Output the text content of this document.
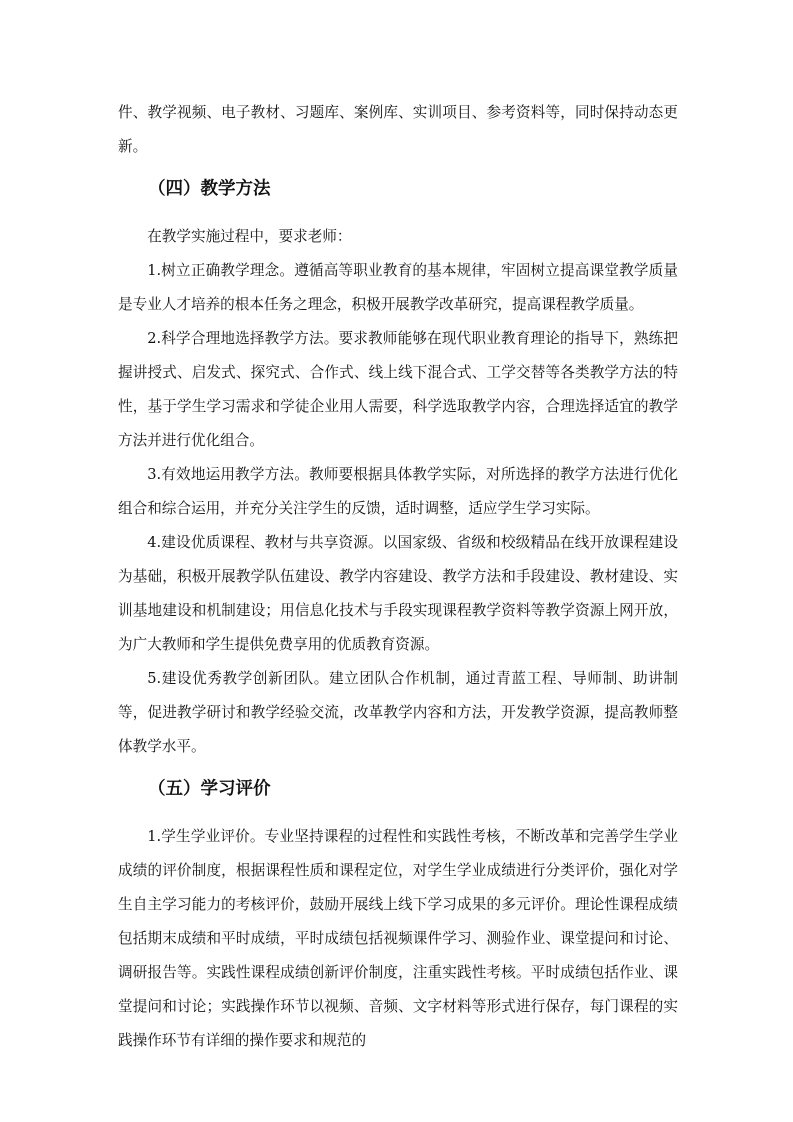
件、教学视频、电子教材、习题库、案例库、实训项目、参考资料等，同时保持动态更新。

（四）教学方法

在教学实施过程中，要求老师：

1.树立正确教学理念。遵循高等职业教育的基本规律，牢固树立提高课堂教学质量是专业人才培养的根本任务之理念，积极开展教学改革研究，提高课程教学质量。

2.科学合理地选择教学方法。要求教师能够在现代职业教育理论的指导下，熟练把握讲授式、启发式、探究式、合作式、线上线下混合式、工学交替等各类教学方法的特性，基于学生学习需求和学徒企业用人需要，科学选取教学内容，合理选择适宜的教学方法并进行优化组合。

3.有效地运用教学方法。教师要根据具体教学实际，对所选择的教学方法进行优化组合和综合运用，并充分关注学生的反馈，适时调整，适应学生学习实际。

4.建设优质课程、教材与共享资源。以国家级、省级和校级精品在线开放课程建设为基础，积极开展教学队伍建设、教学内容建设、教学方法和手段建设、教材建设、实训基地建设和机制建设；用信息化技术与手段实现课程教学资料等教学资源上网开放，为广大教师和学生提供免费享用的优质教育资源。

5.建设优秀教学创新团队。建立团队合作机制，通过青蓝工程、导师制、助讲制等，促进教学研讨和教学经验交流，改革教学内容和方法，开发教学资源，提高教师整体教学水平。

（五）学习评价

1.学生学业评价。专业坚持课程的过程性和实践性考核，不断改革和完善学生学业成绩的评价制度，根据课程性质和课程定位，对学生学业成绩进行分类评价，强化对学生自主学习能力的考核评价，鼓励开展线上线下学习成果的多元评价。理论性课程成绩包括期末成绩和平时成绩，平时成绩包括视频课件学习、测验作业、课堂提问和讨论、调研报告等。实践性课程成绩创新评价制度，注重实践性考核。平时成绩包括作业、课堂提问和讨论；实践操作环节以视频、音频、文字材料等形式进行保存，每门课程的实践操作环节有详细的操作要求和规范的
